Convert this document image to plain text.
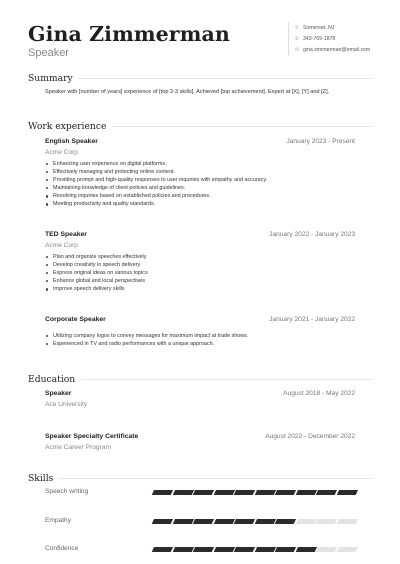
Gina Zimmerman
Speaker
⚲ Somerset, NJ
✆ 343-769-1878
✉ gina.zimmerman@email.com
Summary
Speaker with [number of years] experience of [top 2-3 skills]. Achieved [top achievement]. Expert at [X], [Y] and [Z].
Work experience
English Speaker	January 2023 - Present
Acme Corp
Enhancing user experience on digital platforms.
Effectively managing and protecting online content.
Providing prompt and high-quality responses to user inquiries with empathy and accuracy.
Maintaining knowledge of client policies and guidelines.
Resolving inquiries based on established policies and procedures.
Meeting productivity and quality standards.
TED Speaker	January 2022 - January 2023
Acme Corp
Plan and organize speeches effectively
Develop creativity in speech delivery
Express original ideas on various topics
Enhance global and local perspectives
Improve speech delivery skills
Corporate Speaker	January 2021 - January 2022
Utilizing company logos to convey messages for maximum impact at trade shows.
Experienced in TV and radio performances with a unique approach.
Education
Speaker	August 2018 - May 2022
Ace University
Speaker Specialty Certificate	August 2022 - December 2022
Acme Career Program
Skills
Speech writing
Empathy
Confidence
